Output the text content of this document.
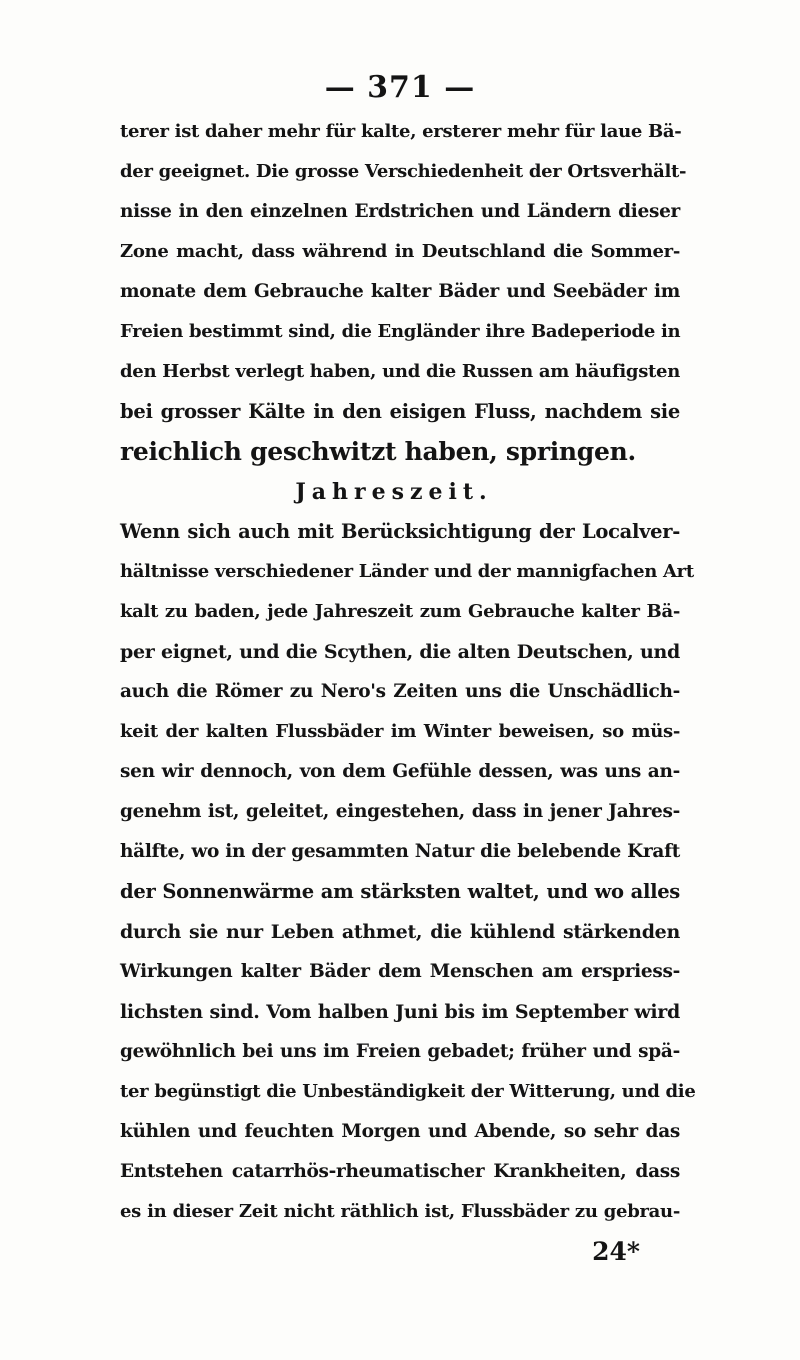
— 371 —
terer ist daher mehr für kalte, ersterer mehr für laue Bä-
der geeignet. Die grosse Verschiedenheit der Ortsverhält-
nisse in den einzelnen Erdstrichen und Ländern dieser
Zone macht, dass während in Deutschland die Sommer-
monate dem Gebrauche kalter Bäder und Seebäder im
Freien bestimmt sind, die Engländer ihre Badeperiode in
den Herbst verlegt haben, und die Russen am häufigsten
bei grosser Kälte in den eisigen Fluss, nachdem sie
reichlich geschwitzt haben, springen.
Jahreszeit.
Wenn sich auch mit Berücksichtigung der Localver-
hältnisse verschiedener Länder und der mannigfachen Art
kalt zu baden, jede Jahreszeit zum Gebrauche kalter Bä-
per eignet, und die Scythen, die alten Deutschen, und
auch die Römer zu Nero's Zeiten uns die Unschädlich-
keit der kalten Flussbäder im Winter beweisen, so müs-
sen wir dennoch, von dem Gefühle dessen, was uns an-
genehm ist, geleitet, eingestehen, dass in jener Jahres-
hälfte, wo in der gesammten Natur die belebende Kraft
der Sonnenwärme am stärksten waltet, und wo alles
durch sie nur Leben athmet, die kühlend stärkenden
Wirkungen kalter Bäder dem Menschen am erspriess-
lichsten sind. Vom halben Juni bis im September wird
gewöhnlich bei uns im Freien gebadet; früher und spä-
ter begünstigt die Unbeständigkeit der Witterung, und die
kühlen und feuchten Morgen und Abende, so sehr das
Entstehen catarrhös-rheumatischer Krankheiten, dass
es in dieser Zeit nicht räthlich ist, Flussbäder zu gebrau-
24*
